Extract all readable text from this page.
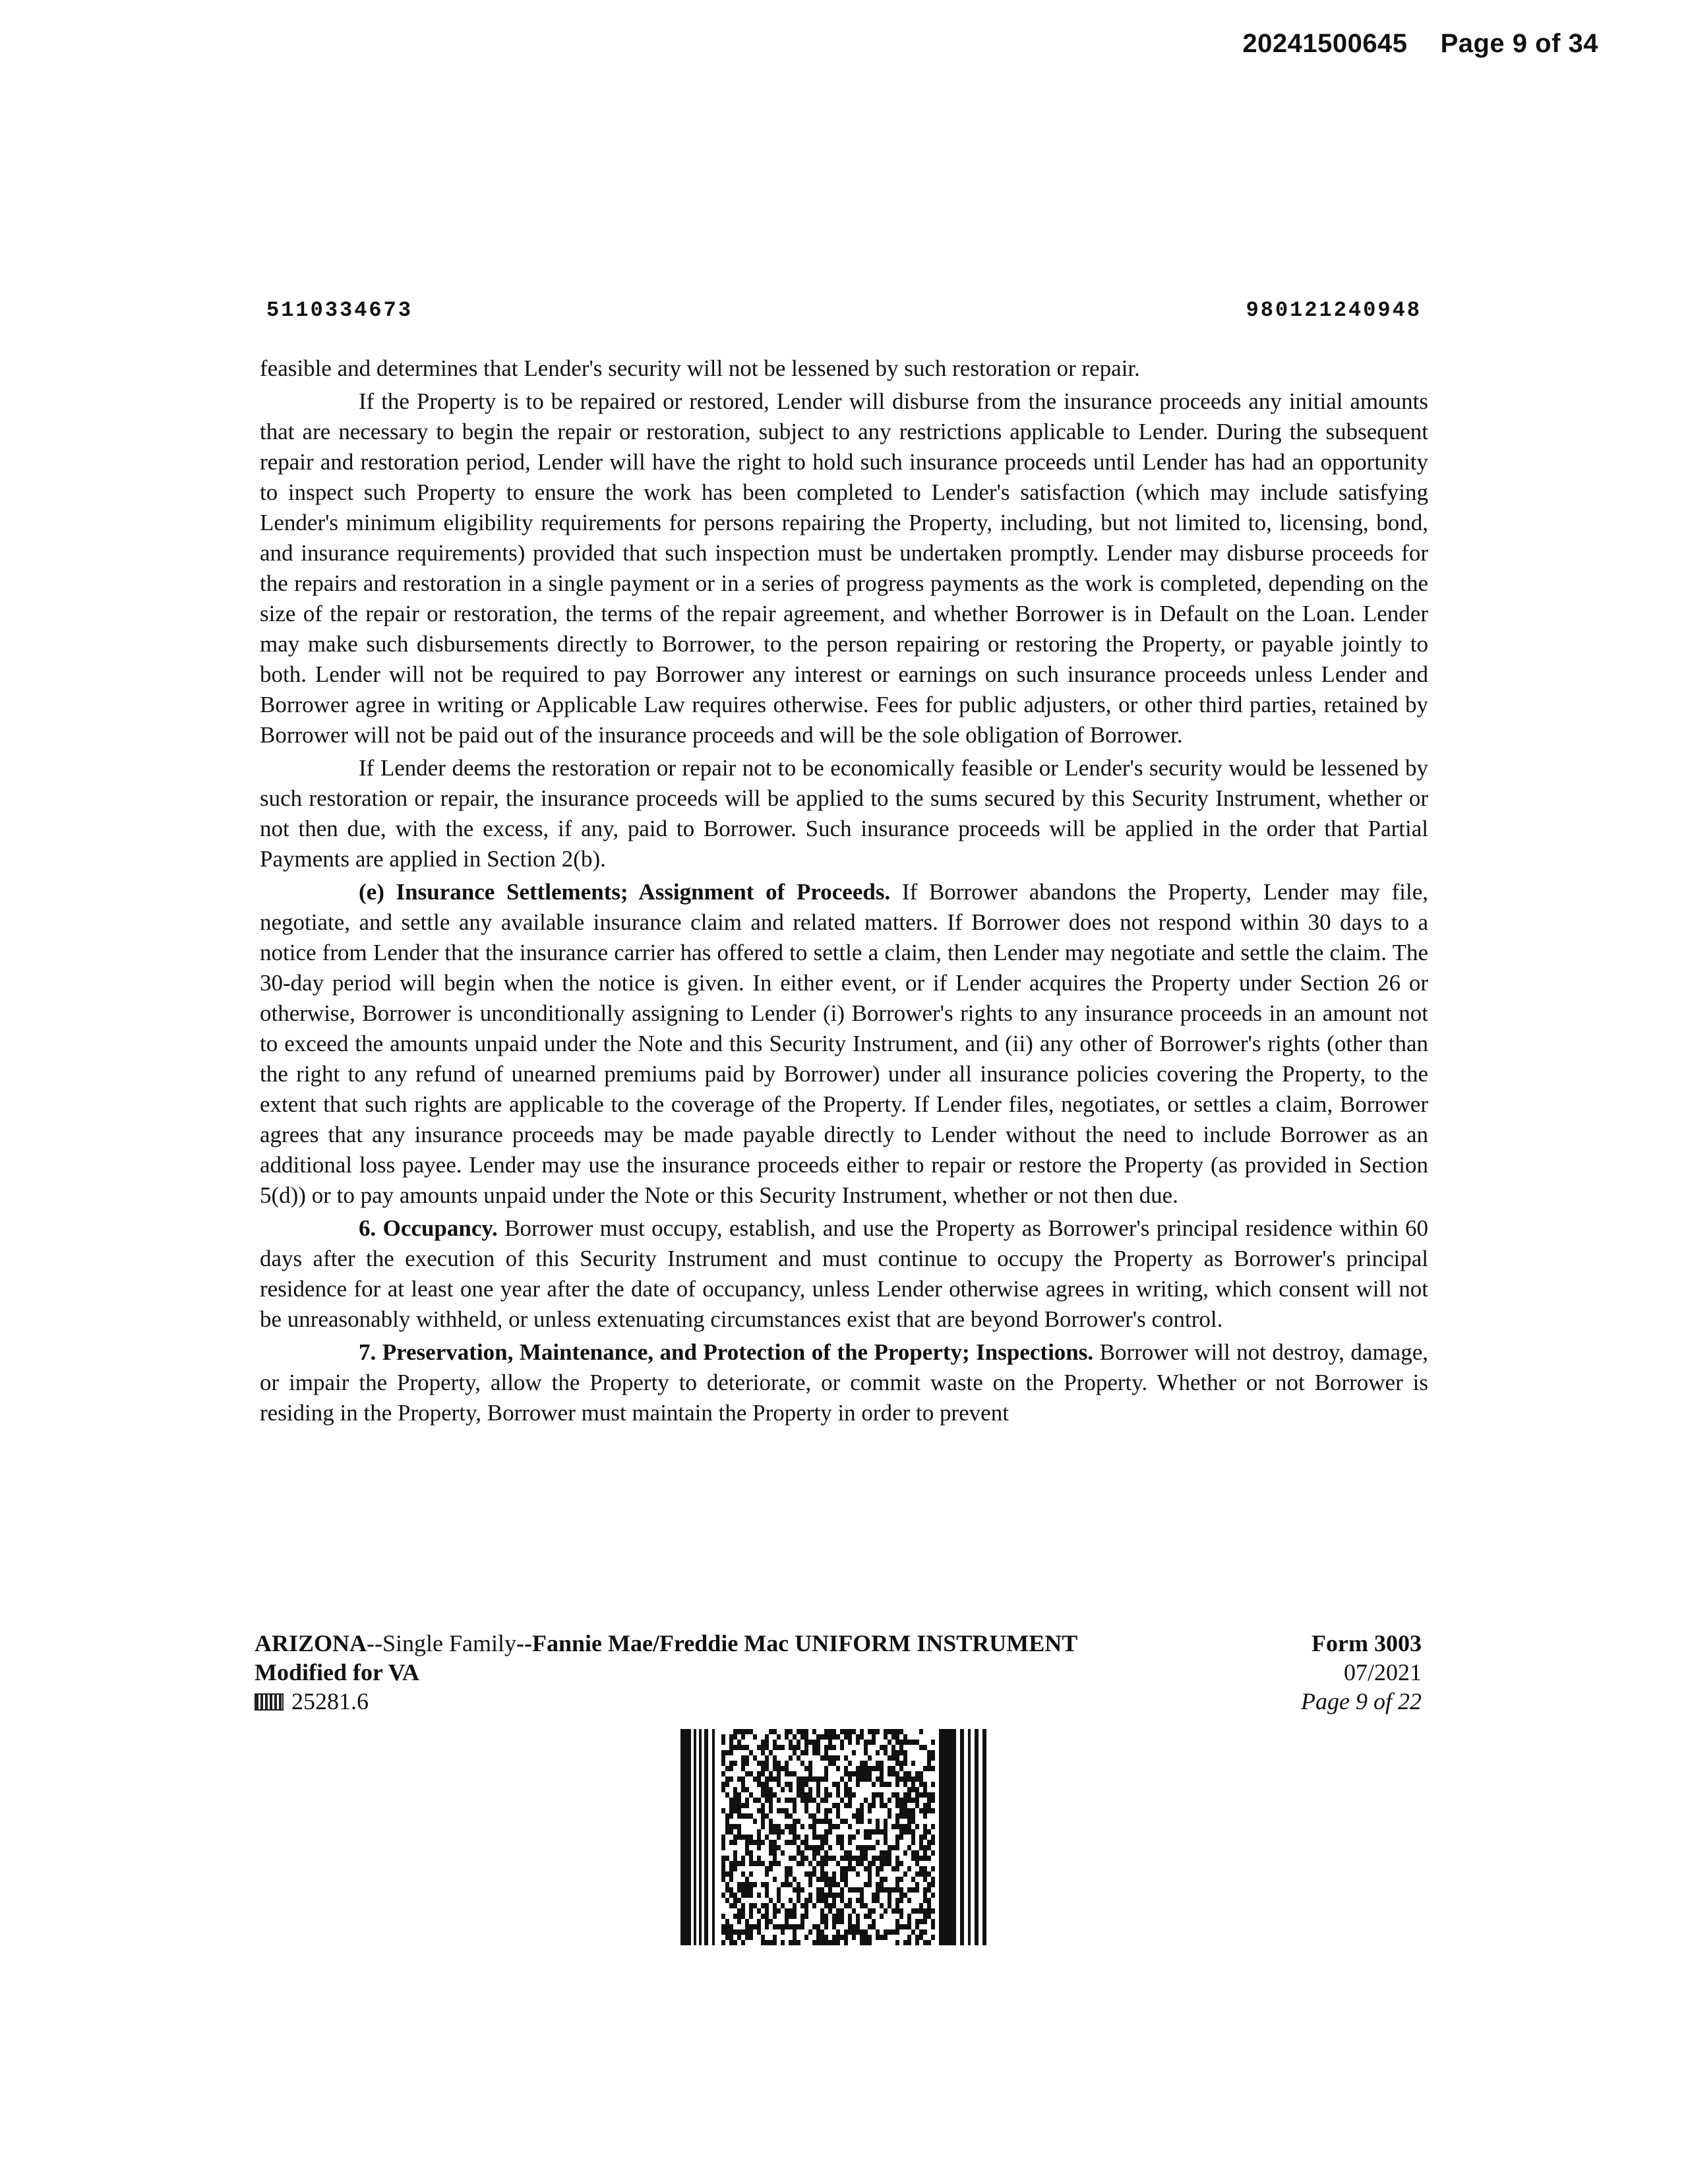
20241500645 Page 9 of 34
5110334673	980121240948

feasible and determines that Lender's security will not be lessened by such restoration or repair.

If the Property is to be repaired or restored, Lender will disburse from the insurance proceeds any initial amounts that are necessary to begin the repair or restoration, subject to any restrictions applicable to Lender. During the subsequent repair and restoration period, Lender will have the right to hold such insurance proceeds until Lender has had an opportunity to inspect such Property to ensure the work has been completed to Lender's satisfaction (which may include satisfying Lender's minimum eligibility requirements for persons repairing the Property, including, but not limited to, licensing, bond, and insurance requirements) provided that such inspection must be undertaken promptly. Lender may disburse proceeds for the repairs and restoration in a single payment or in a series of progress payments as the work is completed, depending on the size of the repair or restoration, the terms of the repair agreement, and whether Borrower is in Default on the Loan. Lender may make such disbursements directly to Borrower, to the person repairing or restoring the Property, or payable jointly to both. Lender will not be required to pay Borrower any interest or earnings on such insurance proceeds unless Lender and Borrower agree in writing or Applicable Law requires otherwise. Fees for public adjusters, or other third parties, retained by Borrower will not be paid out of the insurance proceeds and will be the sole obligation of Borrower.

If Lender deems the restoration or repair not to be economically feasible or Lender's security would be lessened by such restoration or repair, the insurance proceeds will be applied to the sums secured by this Security Instrument, whether or not then due, with the excess, if any, paid to Borrower. Such insurance proceeds will be applied in the order that Partial Payments are applied in Section 2(b).

(e) Insurance Settlements; Assignment of Proceeds. If Borrower abandons the Property, Lender may file, negotiate, and settle any available insurance claim and related matters. If Borrower does not respond within 30 days to a notice from Lender that the insurance carrier has offered to settle a claim, then Lender may negotiate and settle the claim. The 30-day period will begin when the notice is given. In either event, or if Lender acquires the Property under Section 26 or otherwise, Borrower is unconditionally assigning to Lender (i) Borrower's rights to any insurance proceeds in an amount not to exceed the amounts unpaid under the Note and this Security Instrument, and (ii) any other of Borrower's rights (other than the right to any refund of unearned premiums paid by Borrower) under all insurance policies covering the Property, to the extent that such rights are applicable to the coverage of the Property. If Lender files, negotiates, or settles a claim, Borrower agrees that any insurance proceeds may be made payable directly to Lender without the need to include Borrower as an additional loss payee. Lender may use the insurance proceeds either to repair or restore the Property (as provided in Section 5(d)) or to pay amounts unpaid under the Note or this Security Instrument, whether or not then due.

6. Occupancy. Borrower must occupy, establish, and use the Property as Borrower's principal residence within 60 days after the execution of this Security Instrument and must continue to occupy the Property as Borrower's principal residence for at least one year after the date of occupancy, unless Lender otherwise agrees in writing, which consent will not be unreasonably withheld, or unless extenuating circumstances exist that are beyond Borrower's control.

7. Preservation, Maintenance, and Protection of the Property; Inspections. Borrower will not destroy, damage, or impair the Property, allow the Property to deteriorate, or commit waste on the Property. Whether or not Borrower is residing in the Property, Borrower must maintain the Property in order to prevent

ARIZONA--Single Family--Fannie Mae/Freddie Mac UNIFORM INSTRUMENT
Modified for VA
25281.6
Form 3003
07/2021
Page 9 of 22
